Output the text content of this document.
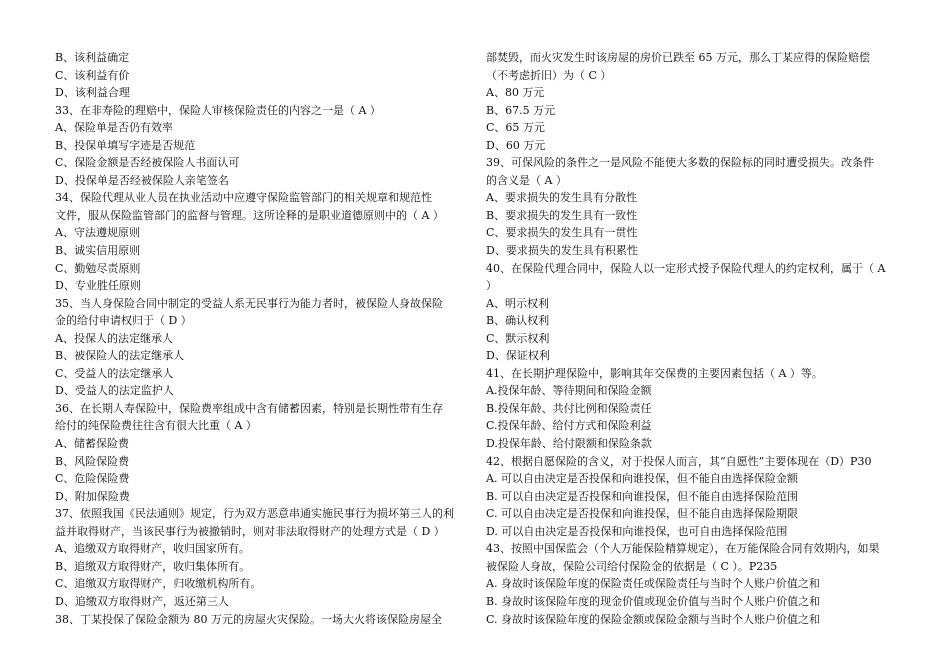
B、该利益确定
C、该利益有价
D、该利益合理
33、在非寿险的理赔中，保险人审核保险责任的内容之一是（ A ）
A、保险单是否仍有效率
B、投保单填写字迹是否规范
C、保险金额是否经被保险人书面认可
D、投保单是否经被保险人亲笔签名
34、保险代理从业人员在执业活动中应遵守保险监管部门的相关规章和规范性
文件，服从保险监管部门的监督与管理。这所诠释的是职业道德原则中的（ A ）
A、守法遵规原则
B、诚实信用原则
C、勤勉尽责原则
D、专业胜任原则
35、当人身保险合同中制定的受益人系无民事行为能力者时，被保险人身故保险
金的给付申请权归于（ D ）
A、投保人的法定继承人
B、被保险人的法定继承人
C、受益人的法定继承人
D、受益人的法定监护人
36、在长期人寿保险中，保险费率组成中含有储蓄因素，特别是长期性带有生存
给付的纯保险费往往含有很大比重（ A ）
A、储蓄保险费
B、风险保险费
C、危险保险费
D、附加保险费
37、依照我国《民法通则》规定，行为双方恶意串通实施民事行为损坏第三人的利
益并取得财产，当该民事行为被撤销时，则对非法取得财产的处理方式是（ D ）
A、追缴双方取得财产，收归国家所有。
B、追缴双方取得财产，收归集体所有。
C、追缴双方取得财产，归收缴机构所有。
D、追缴双方取得财产，返还第三人
38、丁某投保了保险金额为 80 万元的房屋火灾保险。一场大火将该保险房屋全
部焚毁，而火灾发生时该房屋的房价已跌至 65 万元，那么丁某应得的保险赔偿
（不考虑折旧）为（ C ）
A、80 万元
B、67.5 万元
C、65 万元
D、60 万元
39、可保风险的条件之一是风险不能使大多数的保险标的同时遭受损失。改条件
的含义是（ A ）
A、要求损失的发生具有分散性
B、要求损失的发生具有一致性
C、要求损失的发生具有一贯性
D、要求损失的发生具有积累性
40、在保险代理合同中，保险人以一定形式授予保险代理人的约定权利，属于（ A
）
A、明示权利
B、确认权利
C、默示权利
D、保证权利
41、在长期护理保险中，影响其年交保费的主要因素包括（ A ）等。
A.投保年龄、等待期间和保险金额
B.投保年龄、共付比例和保险责任
C.投保年龄、给付方式和保险利益
D.投保年龄、给付限额和保险条款
42、根据自愿保险的含义，对于投保人而言，其“自愿性”主要体现在（D）P30
A. 可以自由决定是否投保和向谁投保，但不能自由选择保险金额
B. 可以自由决定是否投保和向谁投保，但不能自由选择保险范围
C. 可以自由决定是否投保和向谁投保，但不能自由选择保险期限
D. 可以自由决定是否投保和向谁投保，也可自由选择保险范围
43、按照中国保监会（个人万能保险精算规定），在万能保险合同有效期内，如果
被保险人身故，保险公司给付保险金的依据是（ C ）。P235
A. 身故时该保险年度的保险责任或保险责任与当时个人账户价值之和
B. 身故时该保险年度的现金价值或现金价值与当时个人账户价值之和
C. 身故时该保险年度的保险金额或保险金额与当时个人账户价值之和
